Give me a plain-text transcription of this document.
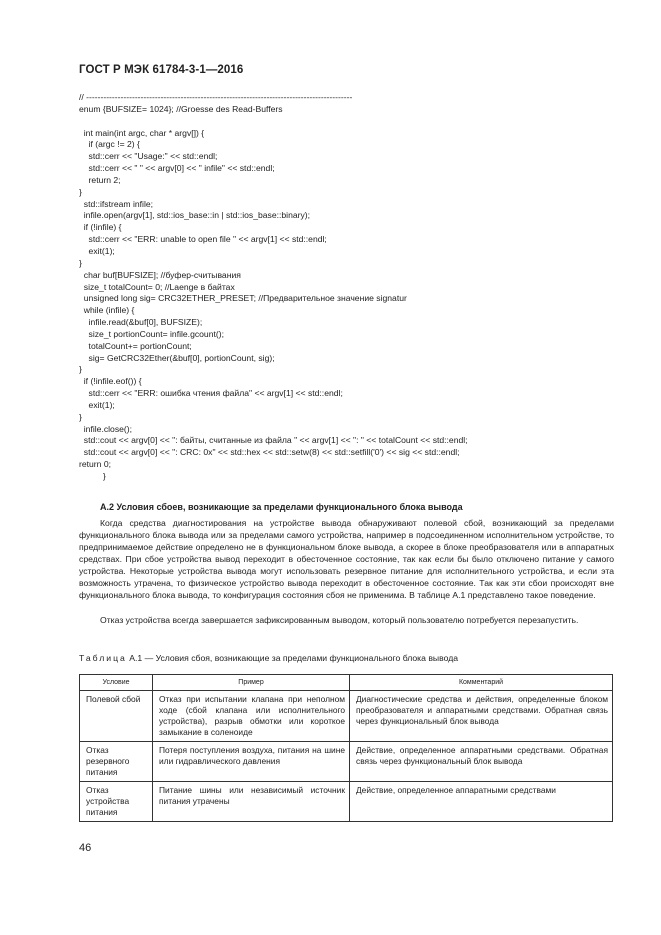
ГОСТ Р МЭК 61784-3-1—2016
// ---------------------------------------------------------------------------------------------
enum {BUFSIZE= 1024}; //Groesse des Read-Buffers
int main(int argc, char * argv[]) {
if (argc != 2) {
std::cerr << "Usage:" << std::endl;
std::cerr << " " << argv[0] << " infile" << std::endl;
return 2;
}
std::ifstream infile;
infile.open(argv[1], std::ios_base::in | std::ios_base::binary);
if (!infile) {
std::cerr << "ERR: unable to open file " << argv[1] << std::endl;
exit(1);
}
char buf[BUFSIZE]; //буфер-считывания
size_t totalCount= 0; //Laenge в байтах
unsigned long sig= CRC32ETHER_PRESET; //Предварительное значение signatur
while (infile) {
infile.read(&buf[0], BUFSIZE);
size_t portionCount= infile.gcount();
totalCount+= portionCount;
sig= GetCRC32Ether(&buf[0], portionCount, sig);
}
if (!infile.eof()) {
std::cerr << "ERR: ошибка чтения файла" << argv[1] << std::endl;
exit(1);
}
infile.close();
std::cout << argv[0] << ": байты, считанные из файла " << argv[1] << ": " << totalCount << std::endl;
std::cout << argv[0] << ": CRC: 0x" << std::hex << std::setw(8) << std::setfill('0') << sig << std::endl;
return 0;
}
А.2 Условия сбоев, возникающие за пределами функционального блока вывода

Когда средства диагностирования на устройстве вывода обнаруживают полевой сбой, возникающий за пределами функционального блока вывода или за пределами самого устройства, например в подсоединенном исполнительном устройстве, то предпринимаемое действие определено не в функциональном блоке вывода, а скорее в блоке преобразователя или в аппаратных средствах. При сбое устройства вывод переходит в обесточенное состояние, так как если бы было отключено питание у самого устройства. Некоторые устройства вывода могут использовать резервное питание для исполнительного устройства, и если эта возможность утрачена, то физическое устройство вывода переходит в обесточенное состояние. Так как эти сбои происходят вне функционального блока вывода, то конфигурация состояния сбоя не применима. В таблице А.1 представлено такое поведение.

Отказ устройства всегда завершается зафиксированным выводом, который пользователю потребуется перезапустить.

Таблица А.1 — Условия сбоя, возникающие за пределами функционального блока вывода
Условие	Пример	Комментарий
Полевой сбой	Отказ при испытании клапана при неполном ходе (сбой клапана или исполнительного устройства), разрыв обмотки или короткое замыкание в соленоиде	Диагностические средства и действия, определенные блоком преобразователя и аппаратными средствами. Обратная связь через функциональный блок вывода
Отказ резервного питания	Потеря поступления воздуха, питания на шине или гидравлического давления	Действие, определенное аппаратными средствами. Обратная связь через функциональный блок вывода
Отказ устройства питания	Питание шины или независимый источник питания утрачены	Действие, определенное аппаратными средствами
46
